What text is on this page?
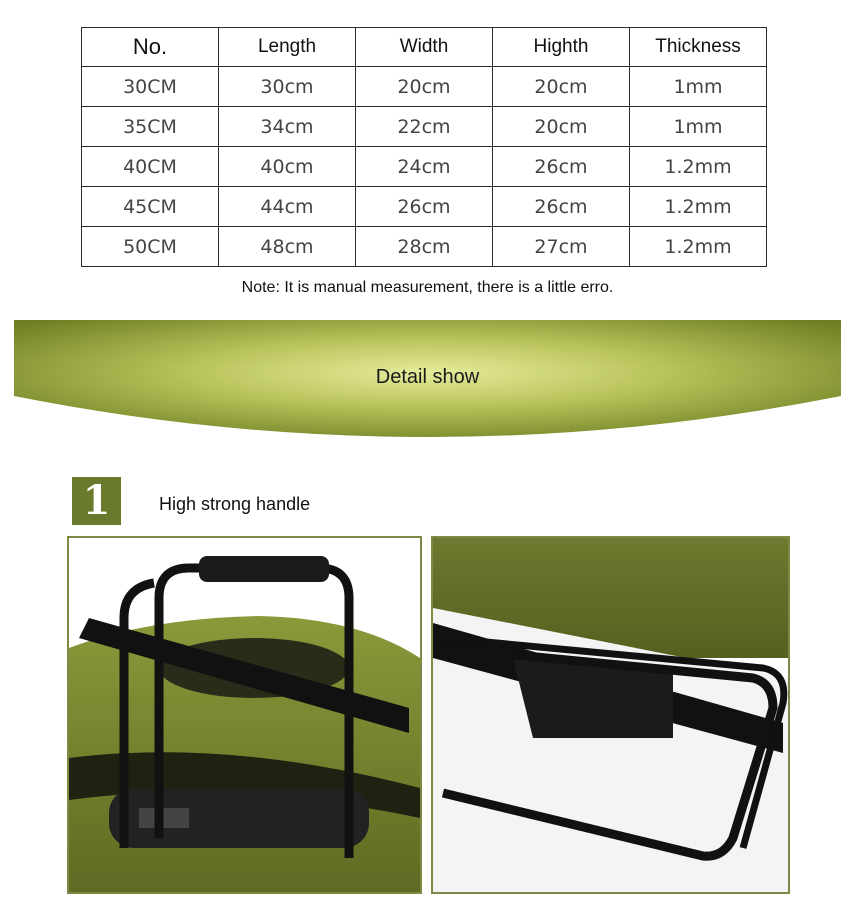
No.	Length	Width	Highth	Thickness
30CM	30cm	20cm	20cm	1mm
35CM	34cm	22cm	20cm	1mm
40CM	40cm	24cm	26cm	1.2mm
45CM	44cm	26cm	26cm	1.2mm
50CM	48cm	28cm	27cm	1.2mm
Note: It is manual measurement, there is a little erro.
Detail show
1	High strong handle
